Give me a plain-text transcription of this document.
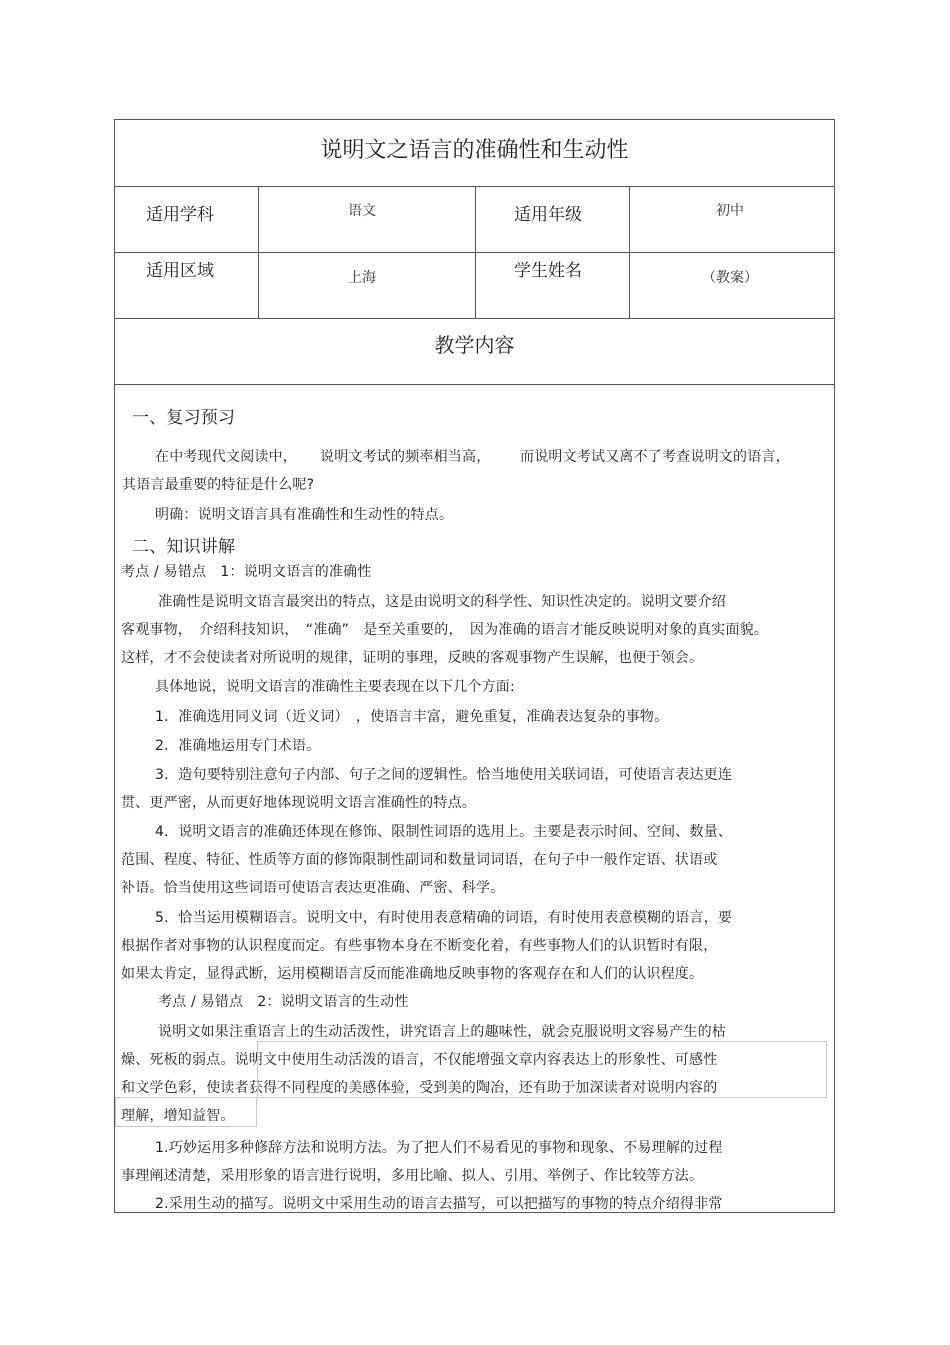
说明文之语言的准确性和生动性
适用学科	语文	适用年级	初中
适用区域	上海	学生姓名	（教案）
教学内容
一、复习预习
在中考现代文阅读中， 说明文考试的频率相当高， 而说明文考试又离不了考查说明文的语言，
其语言最重要的特征是什么呢?
明确：说明文语言具有准确性和生动性的特点。
二、知识讲解
考点 / 易错点　1：说明文语言的准确性
准确性是说明文语言最突出的特点，这是由说明文的科学性、知识性决定的。说明文要介绍
客观事物，　介绍科技知识，　“准确”　是至关重要的，　因为准确的语言才能反映说明对象的真实面貌。
这样，才不会使读者对所说明的规律，证明的事理，反映的客观事物产生误解，也便于领会。
具体地说，说明文语言的准确性主要表现在以下几个方面:
1．准确选用同义词（近义词）　，使语言丰富，避免重复，准确表达复杂的事物。
2．准确地运用专门术语。
3．造句要特别注意句子内部、句子之间的逻辑性。恰当地使用关联词语，可使语言表达更连
贯、更严密，从而更好地体现说明文语言准确性的特点。
4．说明文语言的准确还体现在修饰、限制性词语的选用上。主要是表示时间、空间、数量、
范围、程度、特征、性质等方面的修饰限制性副词和数量词词语，在句子中一般作定语、状语或
补语。恰当使用这些词语可使语言表达更准确、严密、科学。
5．恰当运用模糊语言。说明文中，有时使用表意精确的词语，有时使用表意模糊的语言，要
根据作者对事物的认识程度而定。有些事物本身在不断变化着，有些事物人们的认识暂时有限，
如果太肯定，显得武断，运用模糊语言反而能准确地反映事物的客观存在和人们的认识程度。
考点 / 易错点　2：说明文语言的生动性
说明文如果注重语言上的生动活泼性，讲究语言上的趣味性，就会克服说明文容易产生的枯
燥、死板的弱点。说明文中使用生动活泼的语言，不仅能增强文章内容表达上的形象性、可感性
和文学色彩，使读者获得不同程度的美感体验，受到美的陶冶，还有助于加深读者对说明内容的
理解，增知益智。
1.巧妙运用多种修辞方法和说明方法。为了把人们不易看见的事物和现象、不易理解的过程
事理阐述清楚，采用形象的语言进行说明，多用比喻、拟人、引用、举例子、作比较等方法。
2.采用生动的描写。说明文中采用生动的语言去描写，可以把描写的事物的特点介绍得非常
